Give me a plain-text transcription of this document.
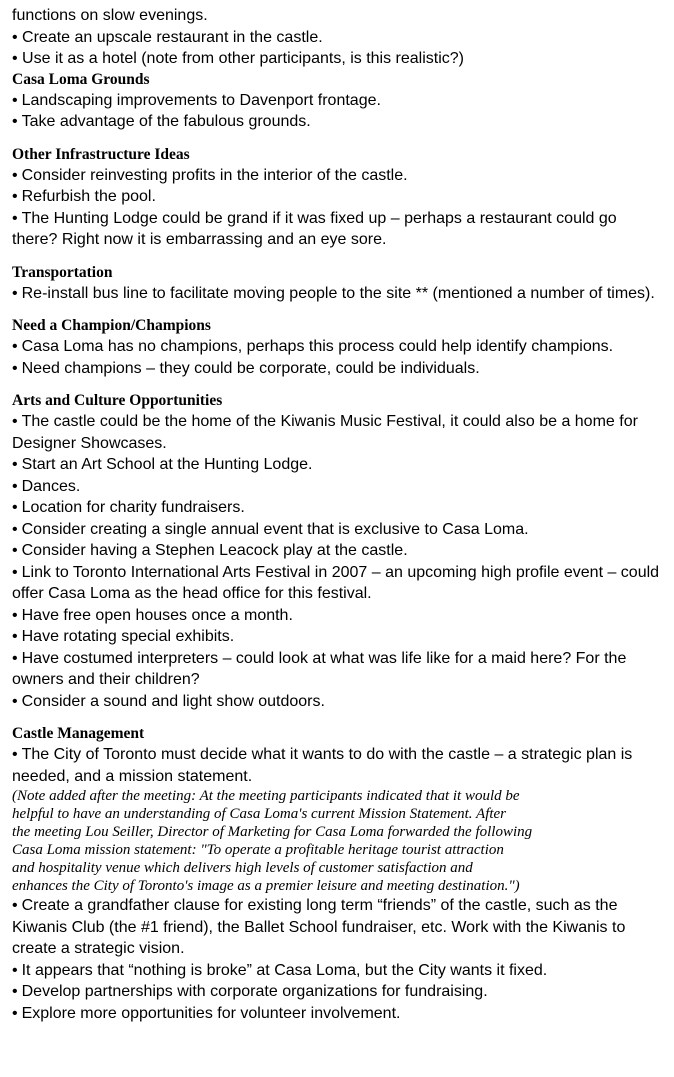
functions on slow evenings.
• Create an upscale restaurant in the castle.
• Use it as a hotel (note from other participants, is this realistic?)
Casa Loma Grounds
• Landscaping improvements to Davenport frontage.
• Take advantage of the fabulous grounds.
Other Infrastructure Ideas
• Consider reinvesting profits in the interior of the castle.
• Refurbish the pool.
• The Hunting Lodge could be grand if it was fixed up – perhaps a restaurant could go there? Right now it is embarrassing and an eye sore.
Transportation
• Re-install bus line to facilitate moving people to the site ** (mentioned a number of times).
Need a Champion/Champions
• Casa Loma has no champions, perhaps this process could help identify champions.
• Need champions – they could be corporate, could be individuals.
Arts and Culture Opportunities
• The castle could be the home of the Kiwanis Music Festival, it could also be a home for Designer Showcases.
• Start an Art School at the Hunting Lodge.
• Dances.
• Location for charity fundraisers.
• Consider creating a single annual event that is exclusive to Casa Loma.
• Consider having a Stephen Leacock play at the castle.
• Link to Toronto International Arts Festival in 2007 – an upcoming high profile event – could offer Casa Loma as the head office for this festival.
• Have free open houses once a month.
• Have rotating special exhibits.
• Have costumed interpreters – could look at what was life like for a maid here? For the owners and their children?
• Consider a sound and light show outdoors.
Castle Management
• The City of Toronto must decide what it wants to do with the castle – a strategic plan is needed, and a mission statement.
(Note added after the meeting: At the meeting participants indicated that it would be
helpful to have an understanding of Casa Loma's current Mission Statement. After
the meeting Lou Seiller, Director of Marketing for Casa Loma forwarded the following
Casa Loma mission statement: "To operate a profitable heritage tourist attraction
and hospitality venue which delivers high levels of customer satisfaction and
enhances the City of Toronto's image as a premier leisure and meeting destination.")
• Create a grandfather clause for existing long term “friends” of the castle, such as the Kiwanis Club (the #1 friend), the Ballet School fundraiser, etc. Work with the Kiwanis to create a strategic vision.
• It appears that “nothing is broke” at Casa Loma, but the City wants it fixed.
• Develop partnerships with corporate organizations for fundraising.
• Explore more opportunities for volunteer involvement.
